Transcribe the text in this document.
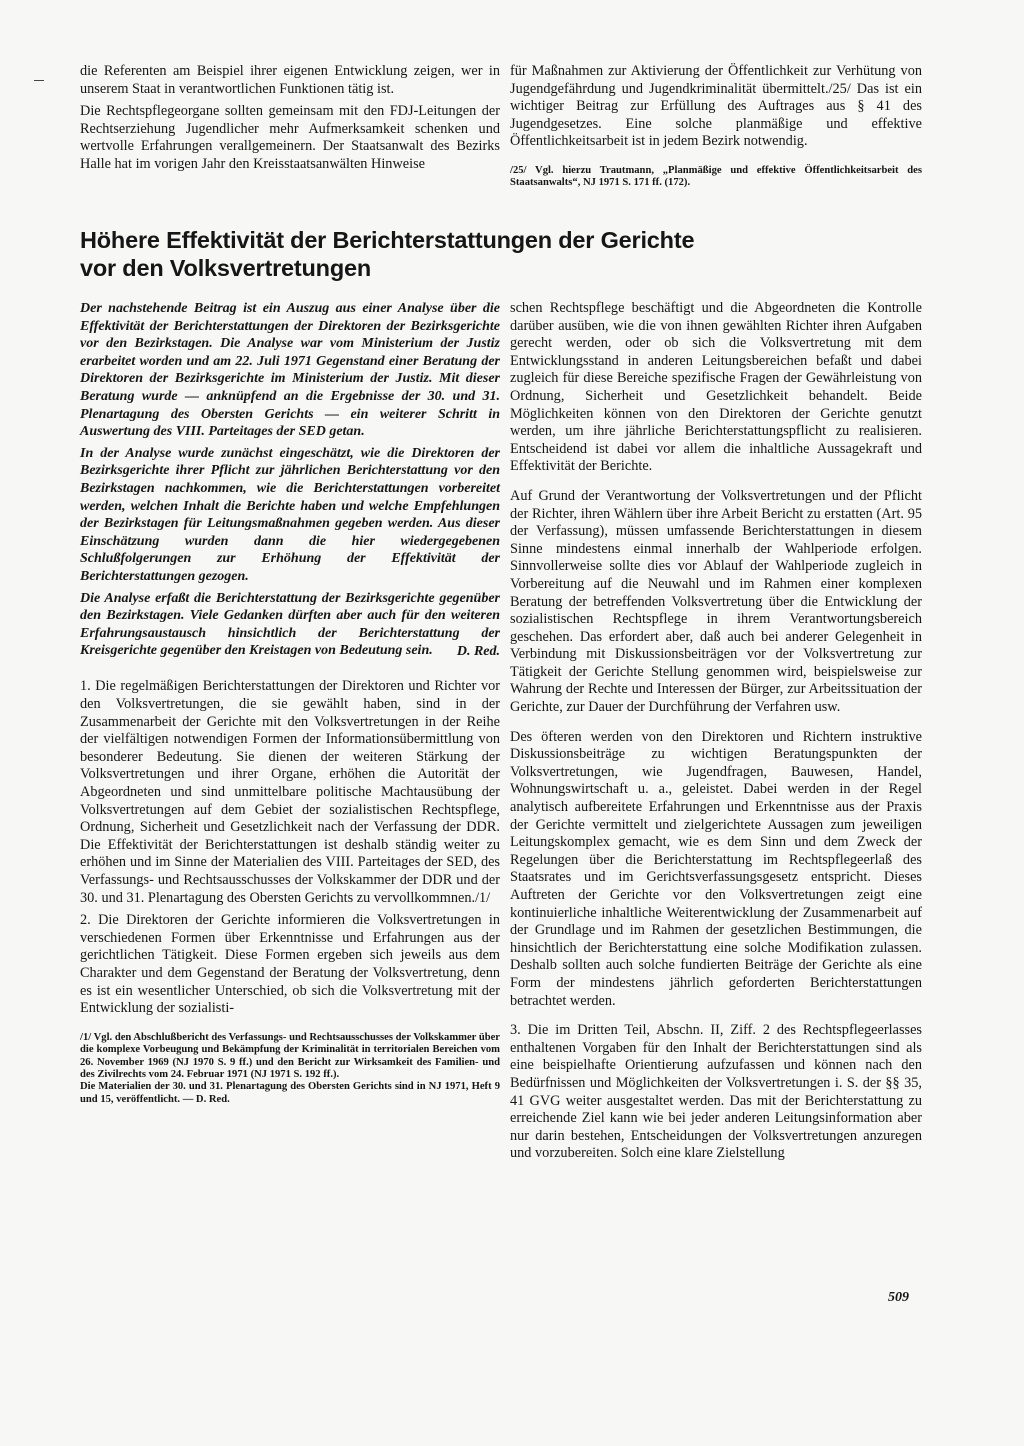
die Referenten am Beispiel ihrer eigenen Entwicklung zeigen, wer in unserem Staat in verantwortlichen Funktionen tätig ist.

Die Rechtspflegeorgane sollten gemeinsam mit den FDJ-Leitungen der Rechtserziehung Jugendlicher mehr Aufmerksamkeit schenken und wertvolle Erfahrungen verallgemeinern. Der Staatsanwalt des Bezirks Halle hat im vorigen Jahr den Kreisstaatsanwälten Hinweise

für Maßnahmen zur Aktivierung der Öffentlichkeit zur Verhütung von Jugendgefährdung und Jugendkriminalität übermittelt./25/ Das ist ein wichtiger Beitrag zur Erfüllung des Auftrages aus § 41 des Jugendgesetzes. Eine solche planmäßige und effektive Öffentlichkeitsarbeit ist in jedem Bezirk notwendig.

/25/ Vgl. hierzu Trautmann, „Planmäßige und effektive Öffentlichkeitsarbeit des Staatsanwalts“, NJ 1971 S. 171 ff. (172).

Höhere Effektivität der Berichterstattungen der Gerichte vor den Volksvertretungen

Der nachstehende Beitrag ist ein Auszug aus einer Analyse über die Effektivität der Berichterstattungen der Direktoren der Bezirksgerichte vor den Bezirkstagen. Die Analyse war vom Ministerium der Justiz erarbeitet worden und am 22. Juli 1971 Gegenstand einer Beratung der Direktoren der Bezirksgerichte im Ministerium der Justiz. Mit dieser Beratung wurde — anknüpfend an die Ergebnisse der 30. und 31. Plenartagung des Obersten Gerichts — ein weiterer Schritt in Auswertung des VIII. Parteitages der SED getan.

In der Analyse wurde zunächst eingeschätzt, wie die Direktoren der Bezirksgerichte ihrer Pflicht zur jährlichen Berichterstattung vor den Bezirkstagen nachkommen, wie die Berichterstattungen vorbereitet werden, welchen Inhalt die Berichte haben und welche Empfehlungen der Bezirkstagen für Leitungsmaßnahmen gegeben werden. Aus dieser Einschätzung wurden dann die hier wiedergegebenen Schlußfolgerungen zur Erhöhung der Effektivität der Berichterstattungen gezogen.

Die Analyse erfaßt die Berichterstattung der Bezirksgerichte gegenüber den Bezirkstagen. Viele Gedanken dürften aber auch für den weiteren Erfahrungsaustausch hinsichtlich der Berichterstattung der Kreisgerichte gegenüber den Kreistagen von Bedeutung sein.	D. Red.

1. Die regelmäßigen Berichterstattungen der Direktoren und Richter vor den Volksvertretungen, die sie gewählt haben, sind in der Zusammenarbeit der Gerichte mit den Volksvertretungen in der Reihe der vielfältigen notwendigen Formen der Informationsübermittlung von besonderer Bedeutung. Sie dienen der weiteren Stärkung der Volksvertretungen und ihrer Organe, erhöhen die Autorität der Abgeordneten und sind unmittelbare politische Machtausübung der Volksvertretungen auf dem Gebiet der sozialistischen Rechtspflege, Ordnung, Sicherheit und Gesetzlichkeit nach der Verfassung der DDR. Die Effektivität der Berichterstattungen ist deshalb ständig weiter zu erhöhen und im Sinne der Materialien des VIII. Parteitages der SED, des Verfassungs- und Rechtsausschusses der Volkskammer der DDR und der 30. und 31. Plenartagung des Obersten Gerichts zu vervollkommnen./1/

2. Die Direktoren der Gerichte informieren die Volksvertretungen in verschiedenen Formen über Erkenntnisse und Erfahrungen aus der gerichtlichen Tätigkeit. Diese Formen ergeben sich jeweils aus dem Charakter und dem Gegenstand der Beratung der Volksvertretung, denn es ist ein wesentlicher Unterschied, ob sich die Volksvertretung mit der Entwicklung der sozialisti-

/1/ Vgl. den Abschlußbericht des Verfassungs- und Rechtsausschusses der Volkskammer über die komplexe Vorbeugung und Bekämpfung der Kriminalität in territorialen Bereichen vom 26. November 1969 (NJ 1970 S. 9 ff.) und den Bericht zur Wirksamkeit des Familien- und des Zivilrechts vom 24. Februar 1971 (NJ 1971 S. 192 ff.).

Die Materialien der 30. und 31. Plenartagung des Obersten Gerichts sind in NJ 1971, Heft 9 und 15, veröffentlicht. — D. Red.

schen Rechtspflege beschäftigt und die Abgeordneten die Kontrolle darüber ausüben, wie die von ihnen gewählten Richter ihren Aufgaben gerecht werden, oder ob sich die Volksvertretung mit dem Entwicklungsstand in anderen Leitungsbereichen befaßt und dabei zugleich für diese Bereiche spezifische Fragen der Gewährleistung von Ordnung, Sicherheit und Gesetzlichkeit behandelt. Beide Möglichkeiten können von den Direktoren der Gerichte genutzt werden, um ihre jährliche Berichterstattungspflicht zu realisieren. Entscheidend ist dabei vor allem die inhaltliche Aussagekraft und Effektivität der Berichte.

Auf Grund der Verantwortung der Volksvertretungen und der Pflicht der Richter, ihren Wählern über ihre Arbeit Bericht zu erstatten (Art. 95 der Verfassung), müssen umfassende Berichterstattungen in diesem Sinne mindestens einmal innerhalb der Wahlperiode erfolgen. Sinnvollerweise sollte dies vor Ablauf der Wahlperiode zugleich in Vorbereitung auf die Neuwahl und im Rahmen einer komplexen Beratung der betreffenden Volksvertretung über die Entwicklung der sozialistischen Rechtspflege in ihrem Verantwortungsbereich geschehen. Das erfordert aber, daß auch bei anderer Gelegenheit in Verbindung mit Diskussionsbeiträgen vor der Volksvertretung zur Tätigkeit der Gerichte Stellung genommen wird, beispielsweise zur Wahrung der Rechte und Interessen der Bürger, zur Arbeitssituation der Gerichte, zur Dauer der Durchführung der Verfahren usw.

Des öfteren werden von den Direktoren und Richtern instruktive Diskussionsbeiträge zu wichtigen Beratungspunkten der Volksvertretungen, wie Jugendfragen, Bauwesen, Handel, Wohnungswirtschaft u. a., geleistet. Dabei werden in der Regel analytisch aufbereitete Erfahrungen und Erkenntnisse aus der Praxis der Gerichte vermittelt und zielgerichtete Aussagen zum jeweiligen Leitungskomplex gemacht, wie es dem Sinn und dem Zweck der Regelungen über die Berichterstattung im Rechtspflegeerlaß des Staatsrates und im Gerichtsverfassungsgesetz entspricht. Dieses Auftreten der Gerichte vor den Volksvertretungen zeigt eine kontinuierliche inhaltliche Weiterentwicklung der Zusammenarbeit auf der Grundlage und im Rahmen der gesetzlichen Bestimmungen, die hinsichtlich der Berichterstattung eine solche Modifikation zulassen. Deshalb sollten auch solche fundierten Beiträge der Gerichte als eine Form der mindestens jährlich geforderten Berichterstattungen betrachtet werden.

3. Die im Dritten Teil, Abschn. II, Ziff. 2 des Rechtspflegeerlasses enthaltenen Vorgaben für den Inhalt der Berichterstattungen sind als eine beispielhafte Orientierung aufzufassen und können nach den Bedürfnissen und Möglichkeiten der Volksvertretungen i. S. der §§ 35, 41 GVG weiter ausgestaltet werden. Das mit der Berichterstattung zu erreichende Ziel kann wie bei jeder anderen Leitungsinformation aber nur darin bestehen, Entscheidungen der Volksvertretungen anzuregen und vorzubereiten. Solch eine klare Zielstellung

509
